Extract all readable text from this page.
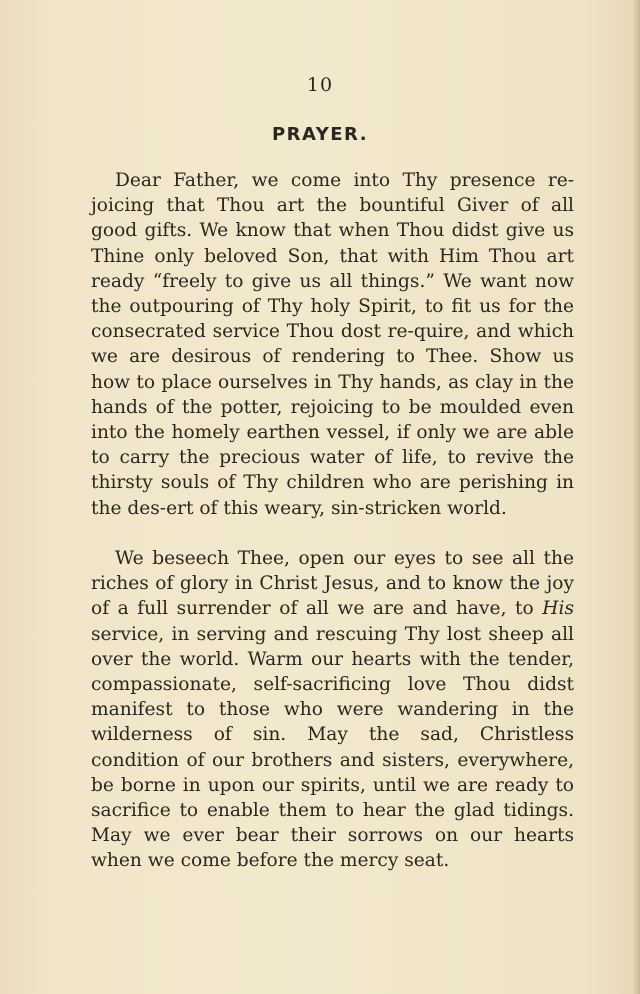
10
PRAYER.

Dear Father, we come into Thy presence re-joicing that Thou art the bountiful Giver of all good gifts. We know that when Thou didst give us Thine only beloved Son, that with Him Thou art ready “freely to give us all things.” We want now the outpouring of Thy holy Spirit, to fit us for the consecrated service Thou dost re-quire, and which we are desirous of rendering to Thee. Show us how to place ourselves in Thy hands, as clay in the hands of the potter, rejoicing to be moulded even into the homely earthen vessel, if only we are able to carry the precious water of life, to revive the thirsty souls of Thy children who are perishing in the des-ert of this weary, sin-stricken world.

We beseech Thee, open our eyes to see all the riches of glory in Christ Jesus, and to know the joy of a full surrender of all we are and have, to His service, in serving and rescuing Thy lost sheep all over the world. Warm our hearts with the tender, compassionate, self-sacrificing love Thou didst manifest to those who were wandering in the wilderness of sin. May the sad, Christless condition of our brothers and sisters, everywhere, be borne in upon our spirits, until we are ready to sacrifice to enable them to hear the glad tidings. May we ever bear their sorrows on our hearts when we come before the mercy seat.
